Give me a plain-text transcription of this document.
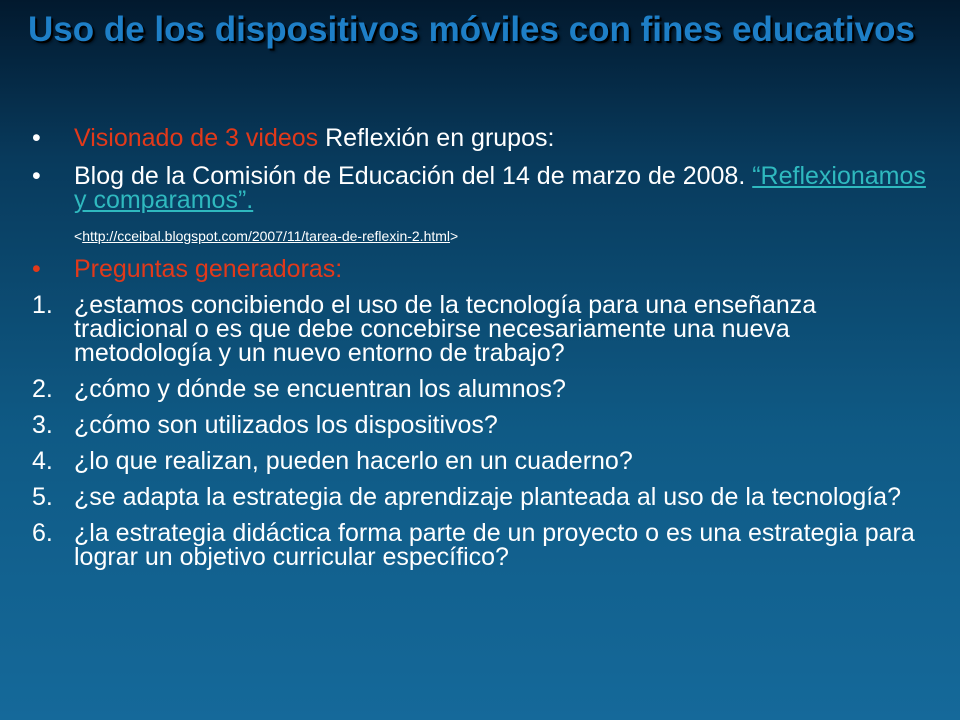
Uso de los dispositivos móviles con fines educativos
• Visionado de 3 videos Reflexión en grupos:
• Blog de la Comisión de Educación del 14 de marzo de 2008. “Reflexionamos y comparamos”.
<http://cceibal.blogspot.com/2007/11/tarea-de-reflexin-2.html>
• Preguntas generadoras:
1. ¿estamos concibiendo el uso de la tecnología para una enseñanza tradicional o es que debe concebirse necesariamente una nueva metodología y un nuevo entorno de trabajo?
2. ¿cómo y dónde se encuentran los alumnos?
3. ¿cómo son utilizados los dispositivos?
4. ¿lo que realizan, pueden hacerlo en un cuaderno?
5. ¿se adapta la estrategia de aprendizaje planteada al uso de la tecnología?
6. ¿la estrategia didáctica forma parte de un proyecto o es una estrategia para lograr un objetivo curricular específico?
